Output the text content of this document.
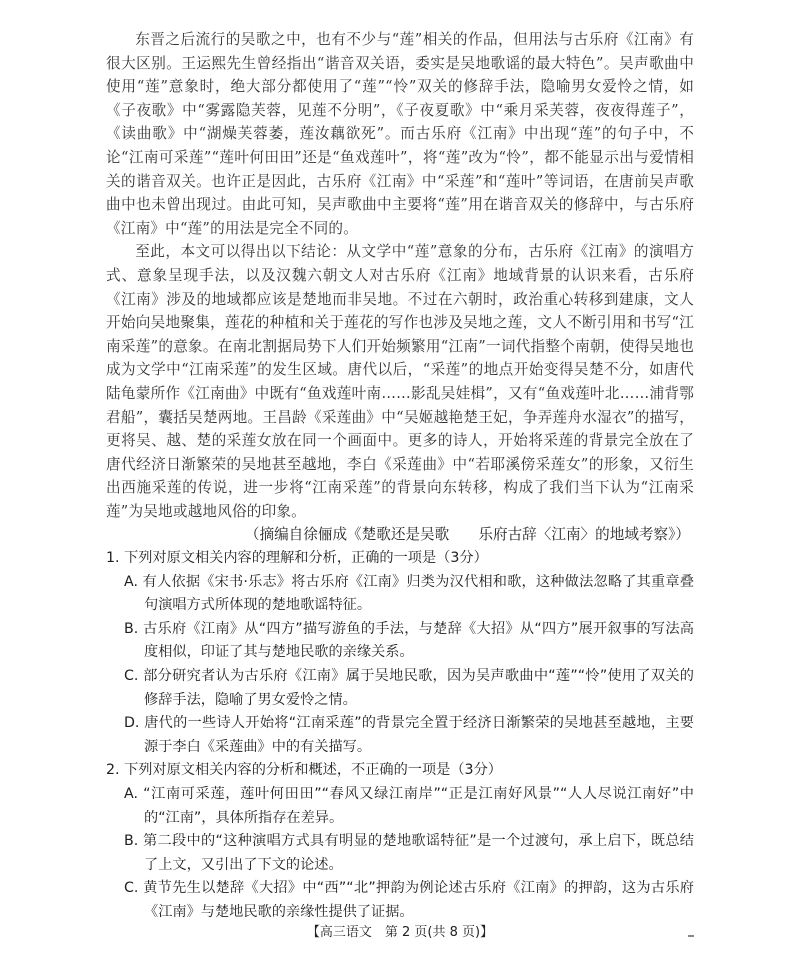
东晋之后流行的吴歌之中，也有不少与“莲”相关的作品，但用法与古乐府《江南》有很大区别。王运熙先生曾经指出“谐音双关语，委实是吴地歌谣的最大特色”。吴声歌曲中使用“莲”意象时，绝大部分都使用了“莲”“怜”双关的修辞手法，隐喻男女爱怜之情，如《子夜歌》中“雾露隐芙蓉，见莲不分明”，《子夜夏歌》中“乘月采芙蓉，夜夜得莲子”，《读曲歌》中“湖燥芙蓉萎，莲汝藕欲死”。而古乐府《江南》中出现“莲”的句子中，不论“江南可采莲”“莲叶何田田”还是“鱼戏莲叶”，将“莲”改为“怜”，都不能显示出与爱情相关的谐音双关。也许正是因此，古乐府《江南》中“采莲”和“莲叶”等词语，在唐前吴声歌曲中也未曾出现过。由此可知，吴声歌曲中主要将“莲”用在谐音双关的修辞中，与古乐府《江南》中“莲”的用法是完全不同的。

至此，本文可以得出以下结论：从文学中“莲”意象的分布，古乐府《江南》的演唱方式、意象呈现手法，以及汉魏六朝文人对古乐府《江南》地域背景的认识来看，古乐府《江南》涉及的地域都应该是楚地而非吴地。不过在六朝时，政治重心转移到建康，文人开始向吴地聚集，莲花的种植和关于莲花的写作也涉及吴地之莲，文人不断引用和书写“江南采莲”的意象。在南北割据局势下人们开始频繁用“江南”一词代指整个南朝，使得吴地也成为文学中“江南采莲”的发生区域。唐代以后，“采莲”的地点开始变得吴楚不分，如唐代陆龟蒙所作《江南曲》中既有“鱼戏莲叶南……影乱吴娃楫”，又有“鱼戏莲叶北……浦背鄂君船”，囊括吴楚两地。王昌龄《采莲曲》中“吴姬越艳楚王妃，争弄莲舟水湿衣”的描写，更将吴、越、楚的采莲女放在同一个画面中。更多的诗人，开始将采莲的背景完全放在了唐代经济日渐繁荣的吴地甚至越地，李白《采莲曲》中“若耶溪傍采莲女”的形象，又衍生出西施采莲的传说，进一步将“江南采莲”的背景向东转移，构成了我们当下认为“江南采莲”为吴地或越地风俗的印象。

（摘编自徐俪成《楚歌还是吴歌　　乐府古辞〈江南〉的地域考察》）

1. 下列对原文相关内容的理解和分析，正确的一项是（3分）

A. 有人依据《宋书·乐志》将古乐府《江南》归类为汉代相和歌，这种做法忽略了其重章叠句演唱方式所体现的楚地歌谣特征。

B. 古乐府《江南》从“四方”描写游鱼的手法，与楚辞《大招》从“四方”展开叙事的写法高度相似，印证了其与楚地民歌的亲缘关系。

C. 部分研究者认为古乐府《江南》属于吴地民歌，因为吴声歌曲中“莲”“怜”使用了双关的修辞手法，隐喻了男女爱怜之情。

D. 唐代的一些诗人开始将“江南采莲”的背景完全置于经济日渐繁荣的吴地甚至越地，主要源于李白《采莲曲》中的有关描写。

2. 下列对原文相关内容的分析和概述，不正确的一项是（3分）

A. “江南可采莲，莲叶何田田”“春风又绿江南岸”“正是江南好风景”“人人尽说江南好”中的“江南”，具体所指存在差异。

B. 第二段中的“这种演唱方式具有明显的楚地歌谣特征”是一个过渡句，承上启下，既总结了上文，又引出了下文的论述。

C. 黄节先生以楚辞《大招》中“西”“北”押韵为例论述古乐府《江南》的押韵，这为古乐府《江南》与楚地民歌的亲缘性提供了证据。

【高三语文　第 2 页(共 8 页)】
